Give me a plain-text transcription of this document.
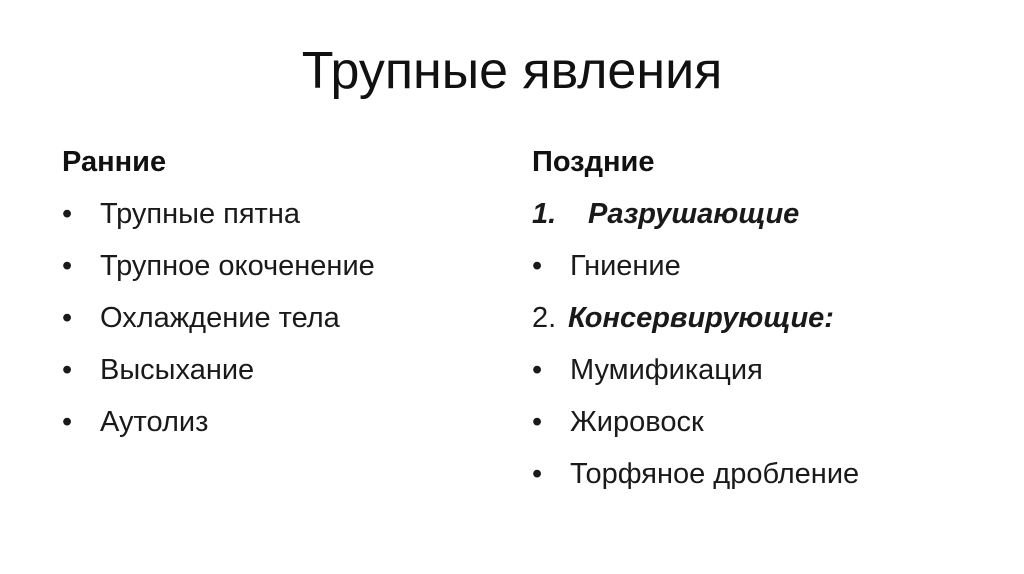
Трупные явления
Ранние
• Трупные пятна
• Трупное окоченение
• Охлаждение тела
• Высыхание
• Аутолиз
Поздние
1. Разрушающие
• Гниение
2. Консервирующие:
• Мумификация
• Жировоск
• Торфяное дробление
